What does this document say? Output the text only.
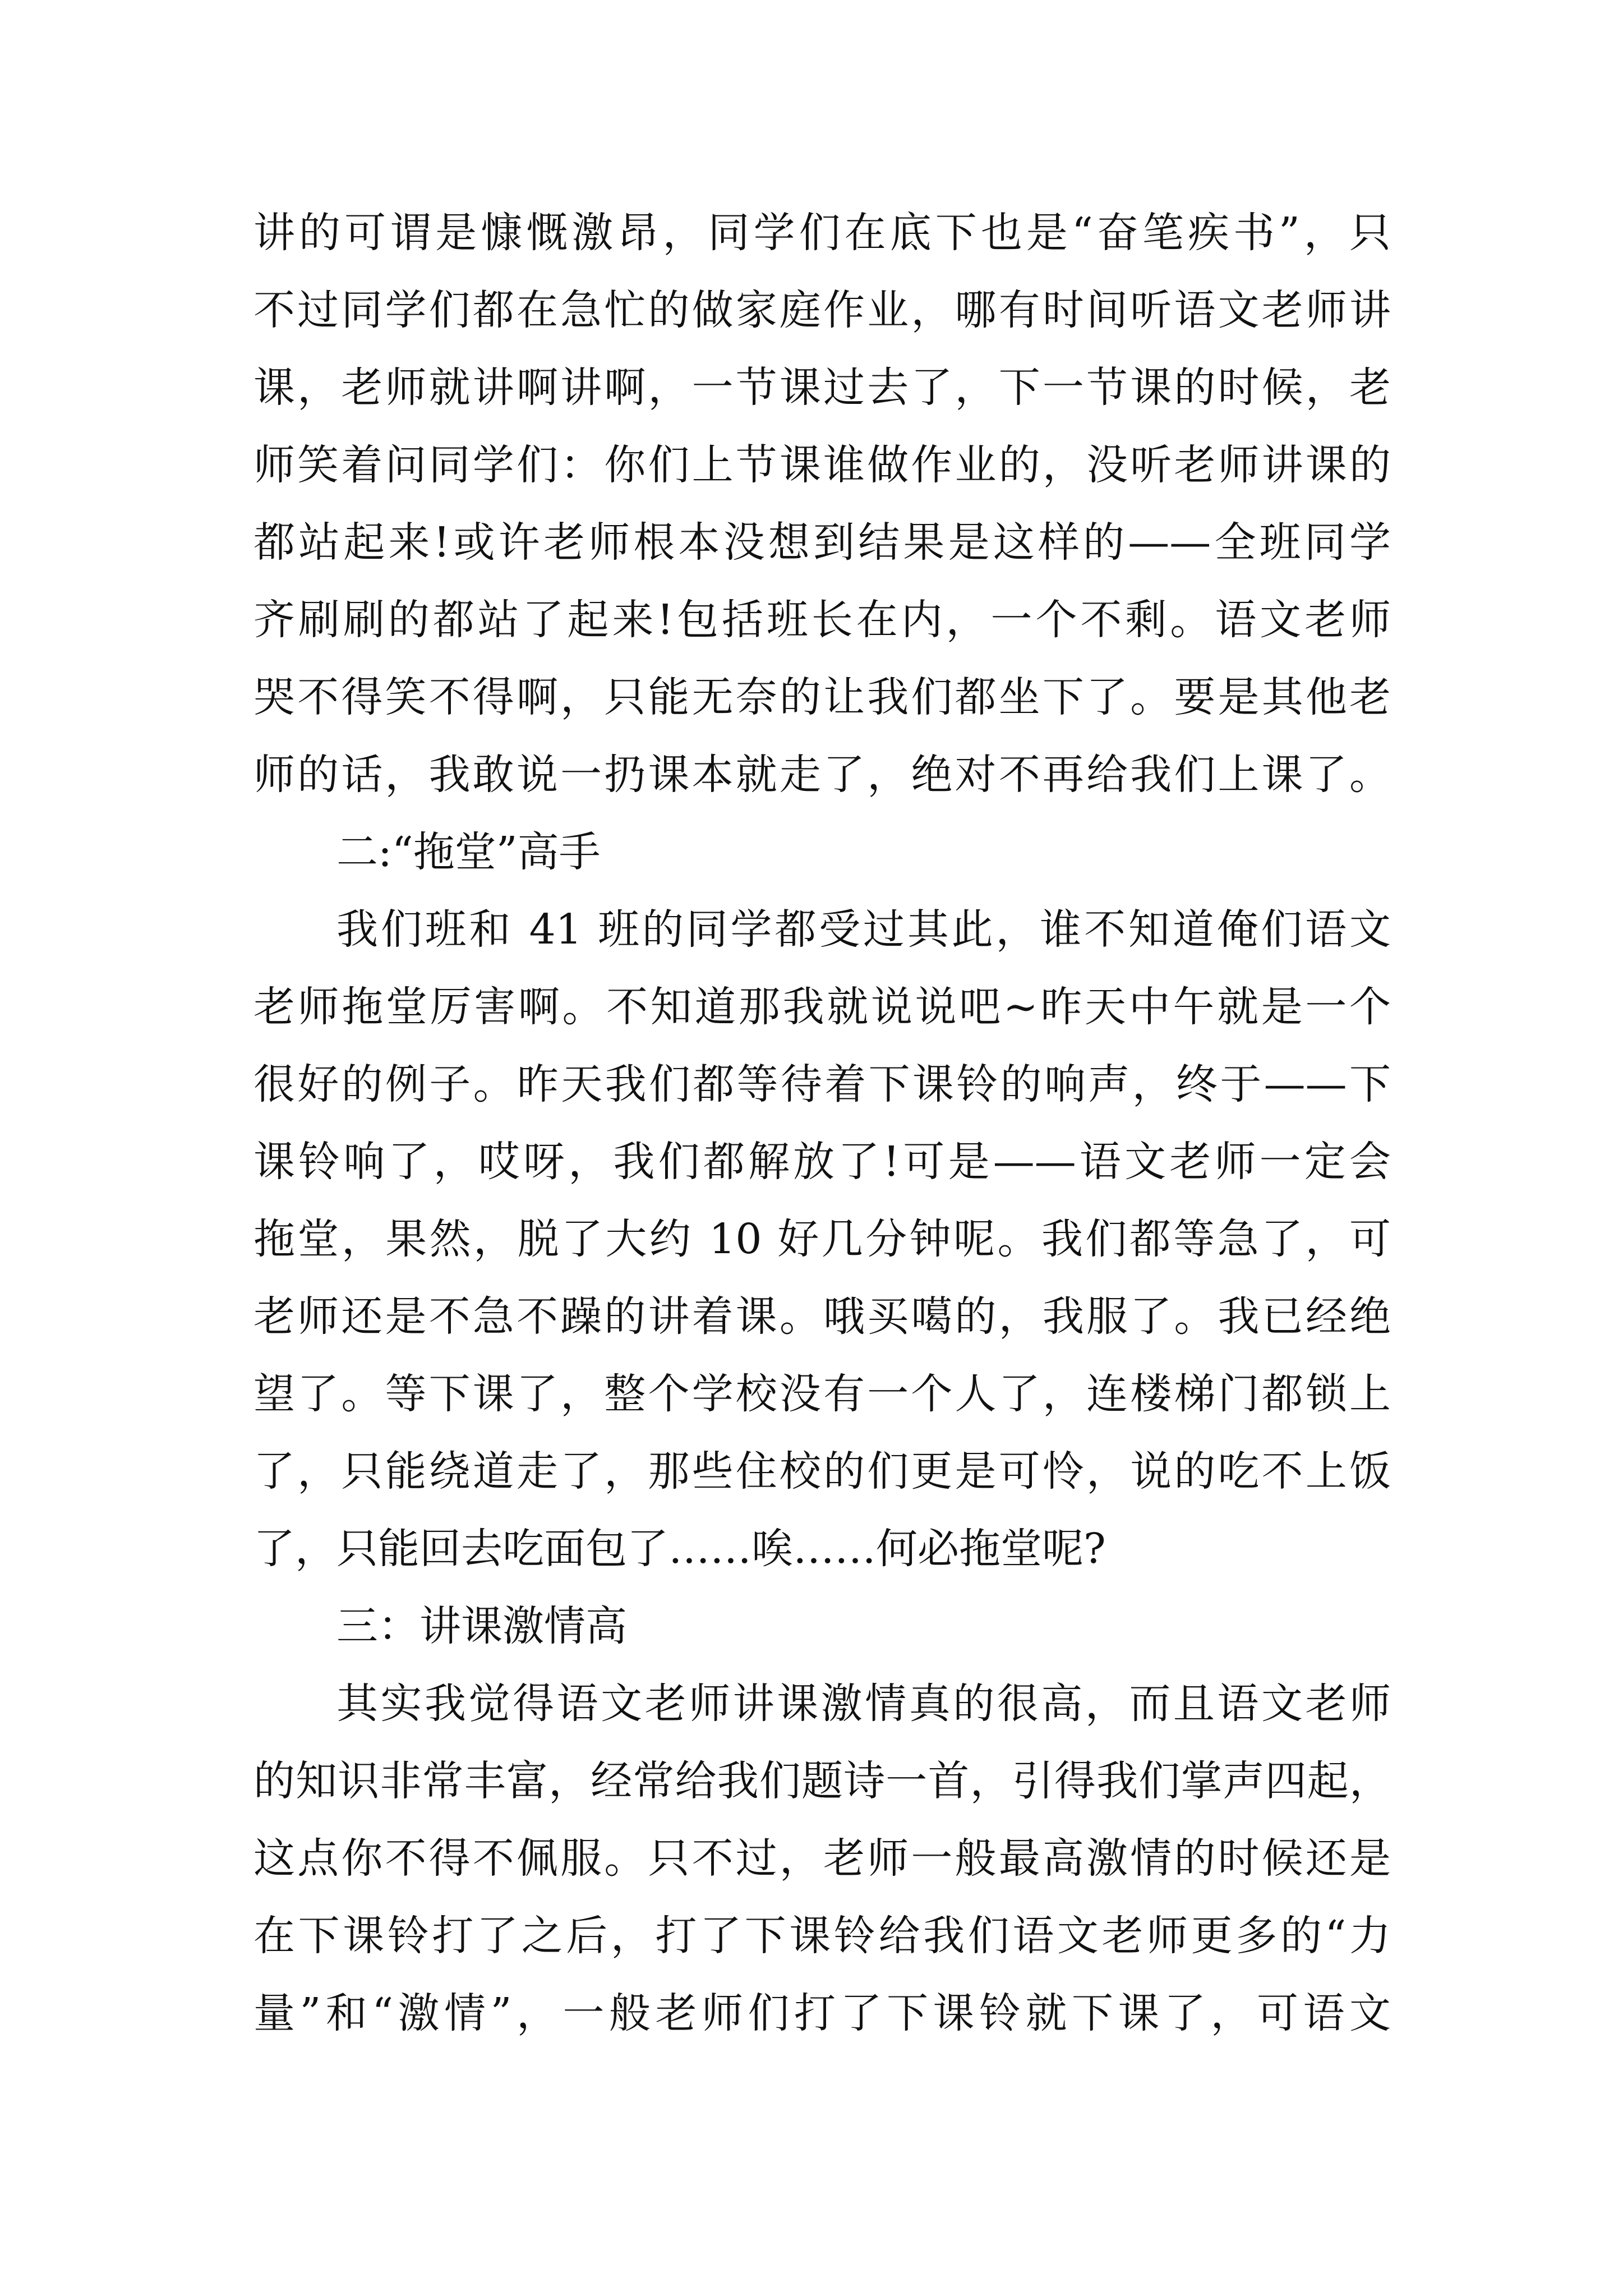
讲的可谓是慷慨激昂，同学们在底下也是“奋笔疾书”，只
不过同学们都在急忙的做家庭作业，哪有时间听语文老师讲
课，老师就讲啊讲啊，一节课过去了，下一节课的时候，老
师笑着问同学们：你们上节课谁做作业的，没听老师讲课的
都站起来!或许老师根本没想到结果是这样的——全班同学
齐刷刷的都站了起来!包括班长在内，一个不剩。语文老师
哭不得笑不得啊，只能无奈的让我们都坐下了。要是其他老
师的话，我敢说一扔课本就走了，绝对不再给我们上课了。
二:“拖堂”高手
我们班和 41 班的同学都受过其此，谁不知道俺们语文
老师拖堂厉害啊。不知道那我就说说吧~昨天中午就是一个
很好的例子。昨天我们都等待着下课铃的响声，终于——下
课铃响了，哎呀，我们都解放了!可是——语文老师一定会
拖堂，果然，脱了大约 10 好几分钟呢。我们都等急了，可
老师还是不急不躁的讲着课。哦买噶的，我服了。我已经绝
望了。等下课了，整个学校没有一个人了，连楼梯门都锁上
了，只能绕道走了，那些住校的们更是可怜，说的吃不上饭
了，只能回去吃面包了……唉……何必拖堂呢?
三：讲课激情高
其实我觉得语文老师讲课激情真的很高，而且语文老师
的知识非常丰富，经常给我们题诗一首，引得我们掌声四起，
这点你不得不佩服。只不过，老师一般最高激情的时候还是
在下课铃打了之后，打了下课铃给我们语文老师更多的“力
量”和“激情”，一般老师们打了下课铃就下课了，可语文
